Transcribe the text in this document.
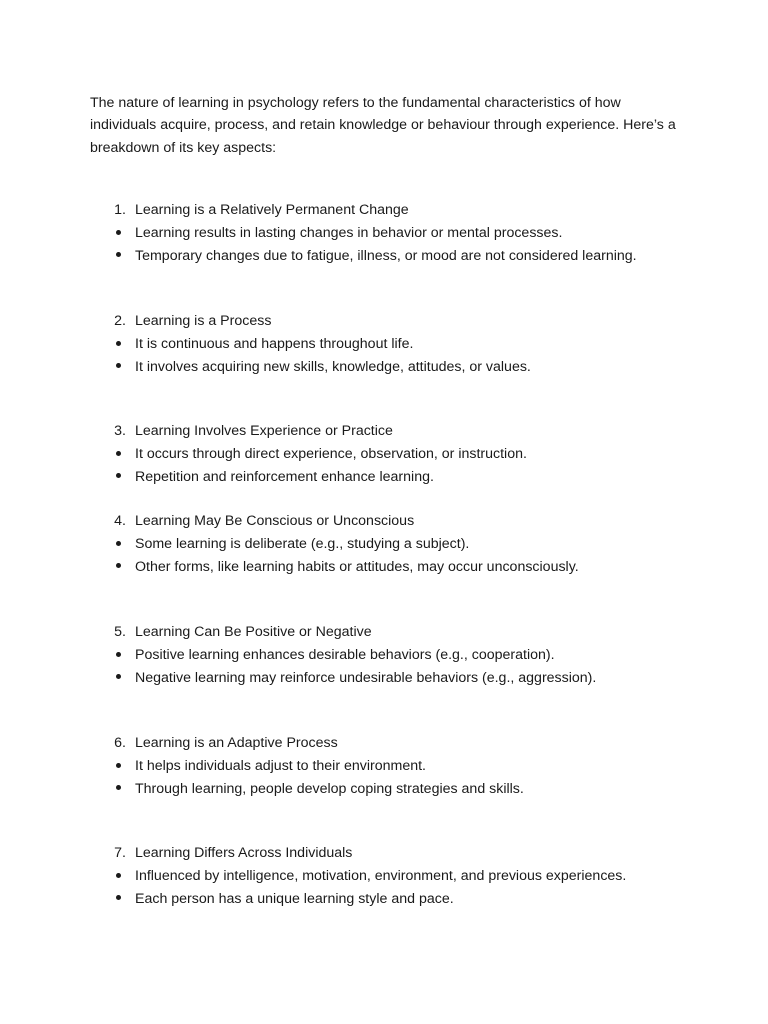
The nature of learning in psychology refers to the fundamental characteristics of how individuals acquire, process, and retain knowledge or behaviour through experience. Here’s a breakdown of its key aspects:

1. Learning is a Relatively Permanent Change
Learning results in lasting changes in behavior or mental processes.
Temporary changes due to fatigue, illness, or mood are not considered learning.
2. Learning is a Process
It is continuous and happens throughout life.
It involves acquiring new skills, knowledge, attitudes, or values.
3. Learning Involves Experience or Practice
It occurs through direct experience, observation, or instruction.
Repetition and reinforcement enhance learning.
4. Learning May Be Conscious or Unconscious
Some learning is deliberate (e.g., studying a subject).
Other forms, like learning habits or attitudes, may occur unconsciously.
5. Learning Can Be Positive or Negative
Positive learning enhances desirable behaviors (e.g., cooperation).
Negative learning may reinforce undesirable behaviors (e.g., aggression).
6. Learning is an Adaptive Process
It helps individuals adjust to their environment.
Through learning, people develop coping strategies and skills.
7. Learning Differs Across Individuals
Influenced by intelligence, motivation, environment, and previous experiences.
Each person has a unique learning style and pace.
